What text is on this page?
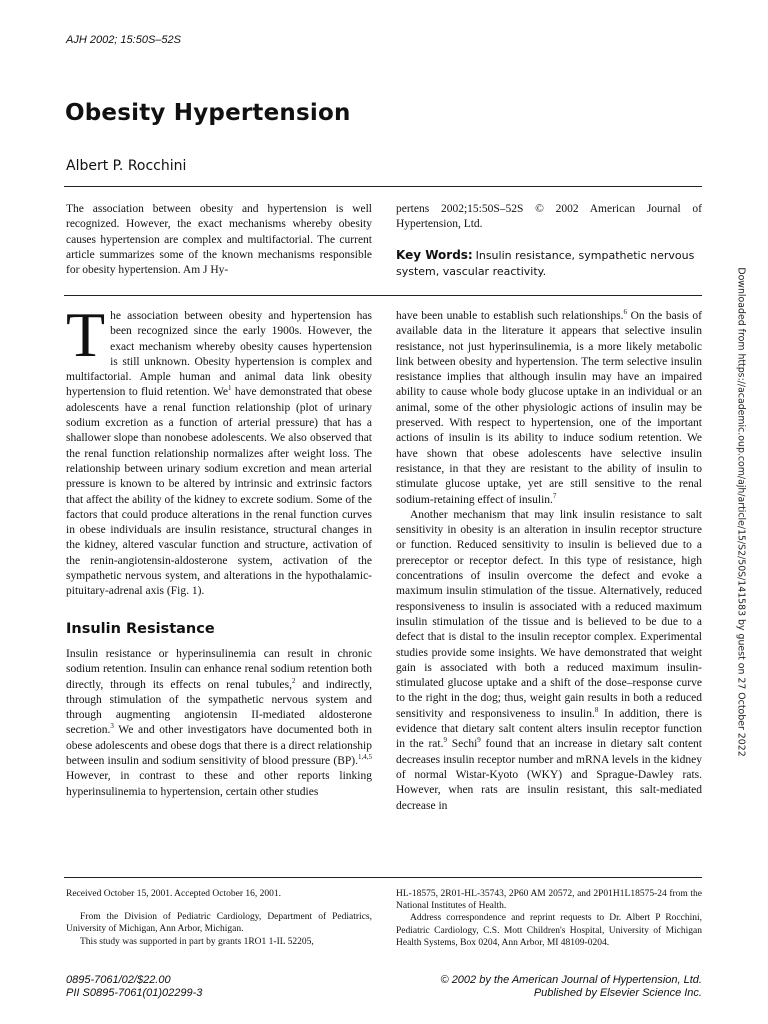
AJH 2002; 15:50S–52S
Obesity Hypertension
Albert P. Rocchini
The association between obesity and hypertension is well recognized. However, the exact mechanisms whereby obesity causes hypertension are complex and multifactorial. The current article summarizes some of the known mechanisms responsible for obesity hypertension. Am J Hy-
pertens 2002;15:50S–52S © 2002 American Journal of Hypertension, Ltd.
Key Words: Insulin resistance, sympathetic nervous system, vascular reactivity.

The association between obesity and hypertension has been recognized since the early 1900s. However, the exact mechanism whereby obesity causes hypertension is still unknown. Obesity hypertension is complex and multifactorial. Ample human and animal data link obesity hypertension to fluid retention. We$^1$ have demonstrated that obese adolescents have a renal function relationship (plot of urinary sodium excretion as a function of arterial pressure) that has a shallower slope than nonobese adolescents. We also observed that the renal function relationship normalizes after weight loss. The relationship between urinary sodium excretion and mean arterial pressure is known to be altered by intrinsic and extrinsic factors that affect the ability of the kidney to excrete sodium. Some of the factors that could produce alterations in the renal function curves in obese individuals are insulin resistance, structural changes in the kidney, altered vascular function and structure, activation of the renin-angiotensin-aldosterone system, activation of the sympathetic nervous system, and alterations in the hypothalamic-pituitary-adrenal axis (Fig. 1).

Insulin Resistance

Insulin resistance or hyperinsulinemia can result in chronic sodium retention. Insulin can enhance renal sodium retention both directly, through its effects on renal tubules,$^2$ and indirectly, through stimulation of the sympathetic nervous system and through augmenting angiotensin II-mediated aldosterone secretion.$^3$ We and other investigators have documented both in obese adolescents and obese dogs that there is a direct relationship between insulin and sodium sensitivity of blood pressure (BP).$^{1,4,5}$ However, in contrast to these and other reports linking hyperinsulinemia to hypertension, certain other studies

have been unable to establish such relationships.$^6$ On the basis of available data in the literature it appears that selective insulin resistance, not just hyperinsulinemia, is a more likely metabolic link between obesity and hypertension. The term selective insulin resistance implies that although insulin may have an impaired ability to cause whole body glucose uptake in an individual or an animal, some of the other physiologic actions of insulin may be preserved. With respect to hypertension, one of the important actions of insulin is its ability to induce sodium retention. We have shown that obese adolescents have selective insulin resistance, in that they are resistant to the ability of insulin to stimulate glucose uptake, yet are still sensitive to the renal sodium-retaining effect of insulin.$^7$

Another mechanism that may link insulin resistance to salt sensitivity in obesity is an alteration in insulin receptor structure or function. Reduced sensitivity to insulin is believed due to a prereceptor or receptor defect. In this type of resistance, high concentrations of insulin overcome the defect and evoke a maximum insulin stimulation of the tissue. Alternatively, reduced responsiveness to insulin is associated with a reduced maximum insulin stimulation of the tissue and is believed to be due to a defect that is distal to the insulin receptor complex. Experimental studies provide some insights. We have demonstrated that weight gain is associated with both a reduced maximum insulin-stimulated glucose uptake and a shift of the dose–response curve to the right in the dog; thus, weight gain results in both a reduced sensitivity and responsiveness to insulin.$^8$ In addition, there is evidence that dietary salt content alters insulin receptor function in the rat.$^9$ Sechi$^9$ found that an increase in dietary salt content decreases insulin receptor number and mRNA levels in the kidney of normal Wistar-Kyoto (WKY) and Sprague-Dawley rats. However, when rats are insulin resistant, this salt-mediated decrease in

Received October 15, 2001. Accepted October 16, 2001.

From the Division of Pediatric Cardiology, Department of Pediatrics, University of Michigan, Ann Arbor, Michigan.

This study was supported in part by grants 1RO1 1-IL 52205,

HL-18575, 2R01-HL-35743, 2P60 AM 20572, and 2P01H1L18575-24 from the National Institutes of Health.

Address correspondence and reprint requests to Dr. Albert P Rocchini, Pediatric Cardiology, C.S. Mott Children's Hospital, University of Michigan Health Systems, Box 0204, Ann Arbor, MI 48109-0204.

0895-7061/02/$22.00
PII S0895-7061(01)02299-3
© 2002 by the American Journal of Hypertension, Ltd.
Published by Elsevier Science Inc.
Downloaded from https://academic.oup.com/ajh/article/15/S2/50S/141583 by guest on 27 October 2022
